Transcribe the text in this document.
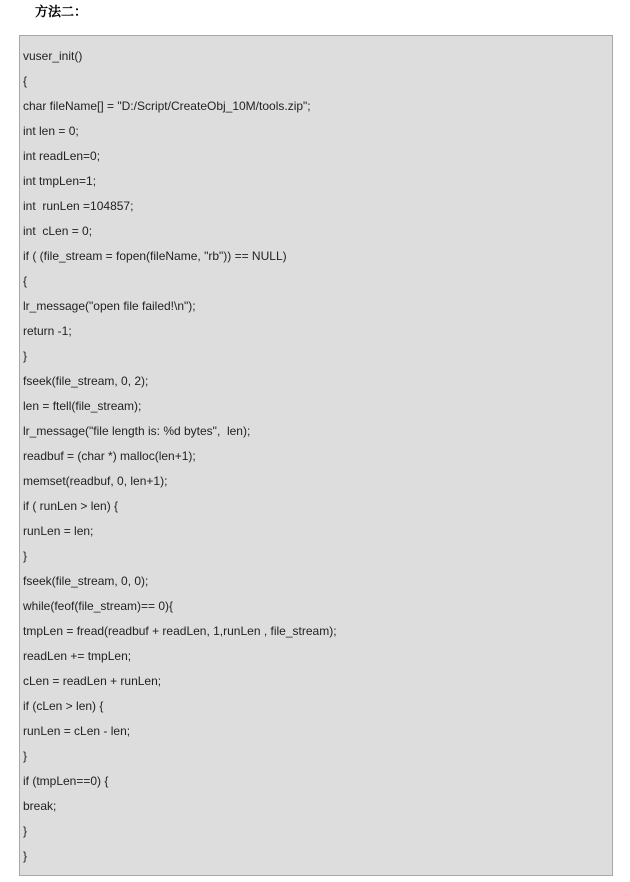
方法二：
vuser_init()
{
char fileName[] = "D:/Script/CreateObj_10M/tools.zip";
int len = 0;
int readLen=0;
int tmpLen=1;
int  runLen =104857;
int  cLen = 0;
if ( (file_stream = fopen(fileName, "rb")) == NULL)
{
lr_message("open file failed!\n");
return -1;
}
fseek(file_stream, 0, 2);
len = ftell(file_stream);
lr_message("file length is: %d bytes",  len);
readbuf = (char *) malloc(len+1);
memset(readbuf, 0, len+1);
if ( runLen > len) {
runLen = len;
}
fseek(file_stream, 0, 0);
while(feof(file_stream)== 0){
tmpLen = fread(readbuf + readLen, 1,runLen , file_stream);
readLen += tmpLen;
cLen = readLen + runLen;
if (cLen > len) {
runLen = cLen - len;
}
if (tmpLen==0) {
break;
}
}
